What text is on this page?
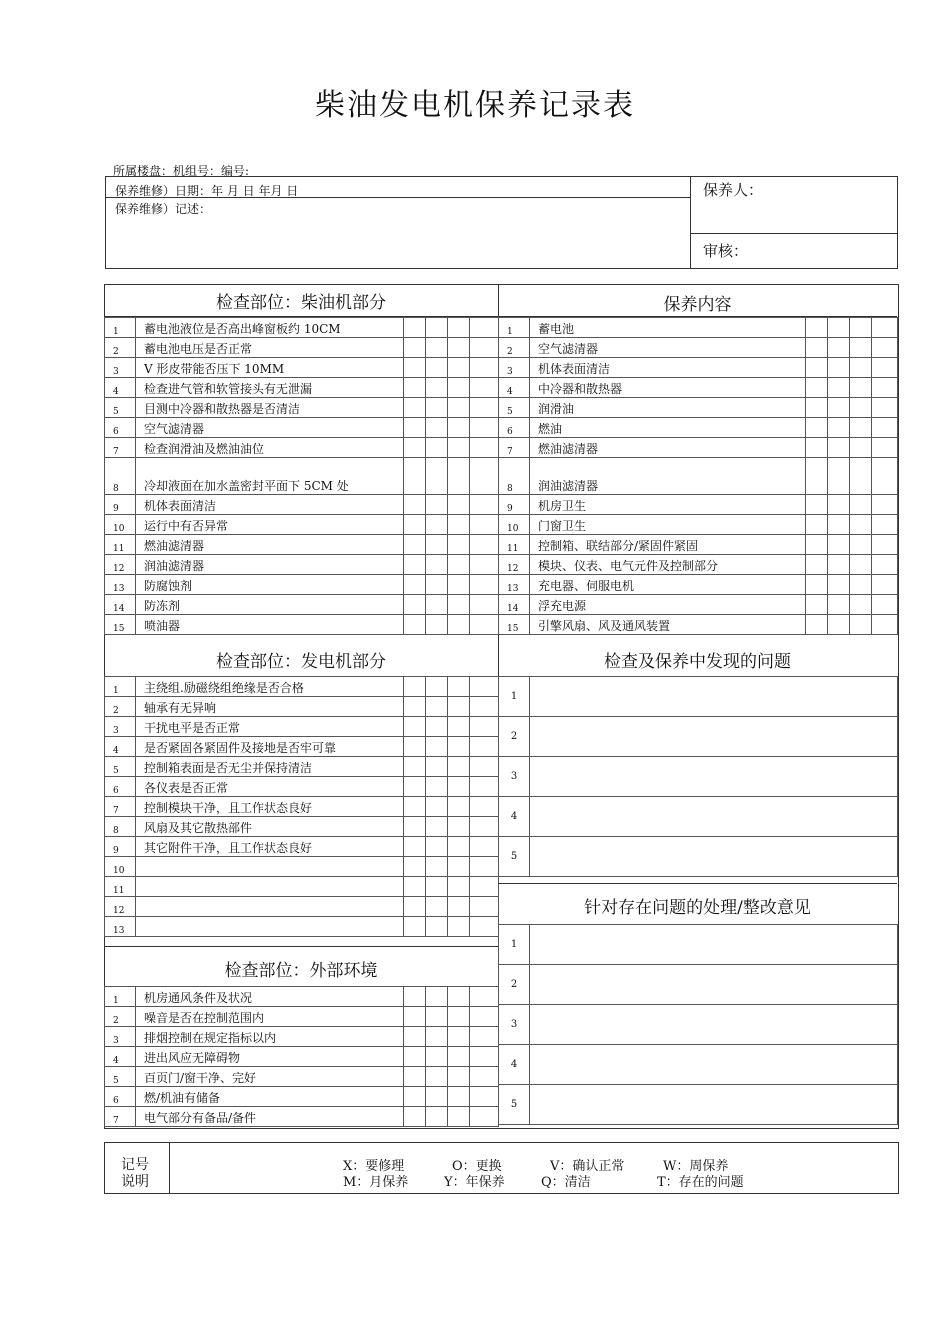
柴油发电机保养记录表
所属楼盘：机组号：编号:
保养维修）日期：年 月 日 年月 日
保养维修）记述：
保养人：
审核：
检查部位：柴油机部分	保养内容
1	蓄电池液位是否高出峰窗板约 10CM				
2	蓄电池电压是否正常				
3	V 形皮带能否压下 10MM				
4	检查进气管和软管接头有无泄漏				
5	目测中冷器和散热器是否清洁				
6	空气滤清器				
7	检查润滑油及燃油油位				
8	冷却液面在加水盖密封平面下 5CM 处				
9	机体表面清洁				
10	运行中有否异常				
11	燃油滤清器				
12	润油滤清器				
13	防腐蚀剂				
14	防冻剂				
15	喷油器				
1	蓄电池				
2	空气滤清器				
3	机体表面清洁				
4	中冷器和散热器				
5	润滑油				
6	燃油				
7	燃油滤清器				
8	润油滤清器				
9	机房卫生				
10	门窗卫生				
11	控制箱、联结部分/紧固件紧固				
12	模块、仪表、电气元件及控制部分				
13	充电器、伺服电机				
14	浮充电源				
15	引擎风扇、风及通风装置				
检查部位：发电机部分	检查及保养中发现的问题
1	主绕组.励磁绕组绝缘是否合格				
2	轴承有无异响				
3	干扰电平是否正常				
4	是否紧固各紧固件及接地是否牢可靠				
5	控制箱表面是否无尘并保持清洁				
6	各仪表是否正常				
7	控制模块干净，且工作状态良好				
8	风扇及其它散热部件				
9	其它附件干净，且工作状态良好				
10					
11					
12					
13					
1	
2	
3	
4	
5	
针对存在问题的处理/整改意见
1	
2	
3	
4	
5	
检查部位：外部环境
1	机房通风条件及状况				
2	噪音是否在控制范围内				
3	排烟控制在规定指标以内				
4	进出风应无障碍物				
5	百页门/窗干净、完好				
6	燃/机油有储备				
7	电气部分有备品/备件				
记号
说明
X：要修理	O：更换	V：确认正常	W：周保养
M：月保养	Y：年保养	Q：清洁	T：存在的问题
